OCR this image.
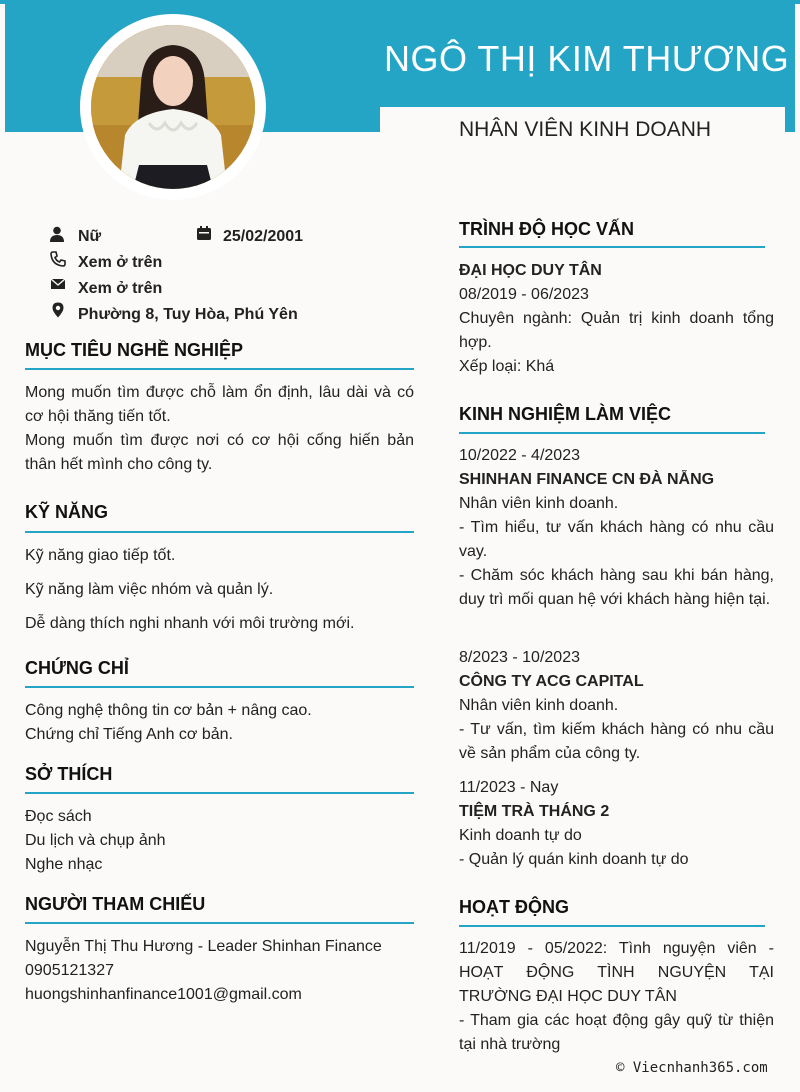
NGÔ THỊ KIM THƯƠNG
NHÂN VIÊN KINH DOANH
Nữ	25/02/2001
Xem ở trên
Xem ở trên
Phường 8, Tuy Hòa, Phú Yên
MỤC TIÊU NGHỀ NGHIỆP
Mong muốn tìm được chỗ làm ổn định, lâu dài và có cơ hội thăng tiến tốt.
Mong muốn tìm được nơi có cơ hội cống hiến bản thân hết mình cho công ty.
KỸ NĂNG
Kỹ năng giao tiếp tốt.
Kỹ năng làm việc nhóm và quản lý.
Dễ dàng thích nghi nhanh với môi trường mới.
CHỨNG CHỈ
Công nghệ thông tin cơ bản + nâng cao.
Chứng chỉ Tiếng Anh cơ bản.
SỞ THÍCH
Đọc sách
Du lịch và chụp ảnh
Nghe nhạc
NGƯỜI THAM CHIẾU
Nguyễn Thị Thu Hương - Leader Shinhan Finance
0905121327
huongshinhanfinance1001@gmail.com
TRÌNH ĐỘ HỌC VẤN
ĐẠI HỌC DUY TÂN
08/2019 - 06/2023
Chuyên ngành: Quản trị kinh doanh tổng hợp.
Xếp loại: Khá
KINH NGHIỆM LÀM VIỆC
10/2022 - 4/2023
SHINHAN FINANCE CN ĐÀ NẴNG
Nhân viên kinh doanh.
- Tìm hiểu, tư vấn khách hàng có nhu cầu vay.
- Chăm sóc khách hàng sau khi bán hàng, duy trì mối quan hệ với khách hàng hiện tại.
8/2023 - 10/2023
CÔNG TY ACG CAPITAL
Nhân viên kinh doanh.
- Tư vấn, tìm kiếm khách hàng có nhu cầu về sản phẩm của công ty.
11/2023 - Nay
TIỆM TRÀ THÁNG 2
Kinh doanh tự do
- Quản lý quán kinh doanh tự do
HOẠT ĐỘNG
11/2019 - 05/2022: Tình nguyện viên - HOẠT ĐỘNG TÌNH NGUYỆN TẠI TRƯỜNG ĐẠI HỌC DUY TÂN
- Tham gia các hoạt động gây quỹ từ thiện tại nhà trường
© Viecnhanh365.com
